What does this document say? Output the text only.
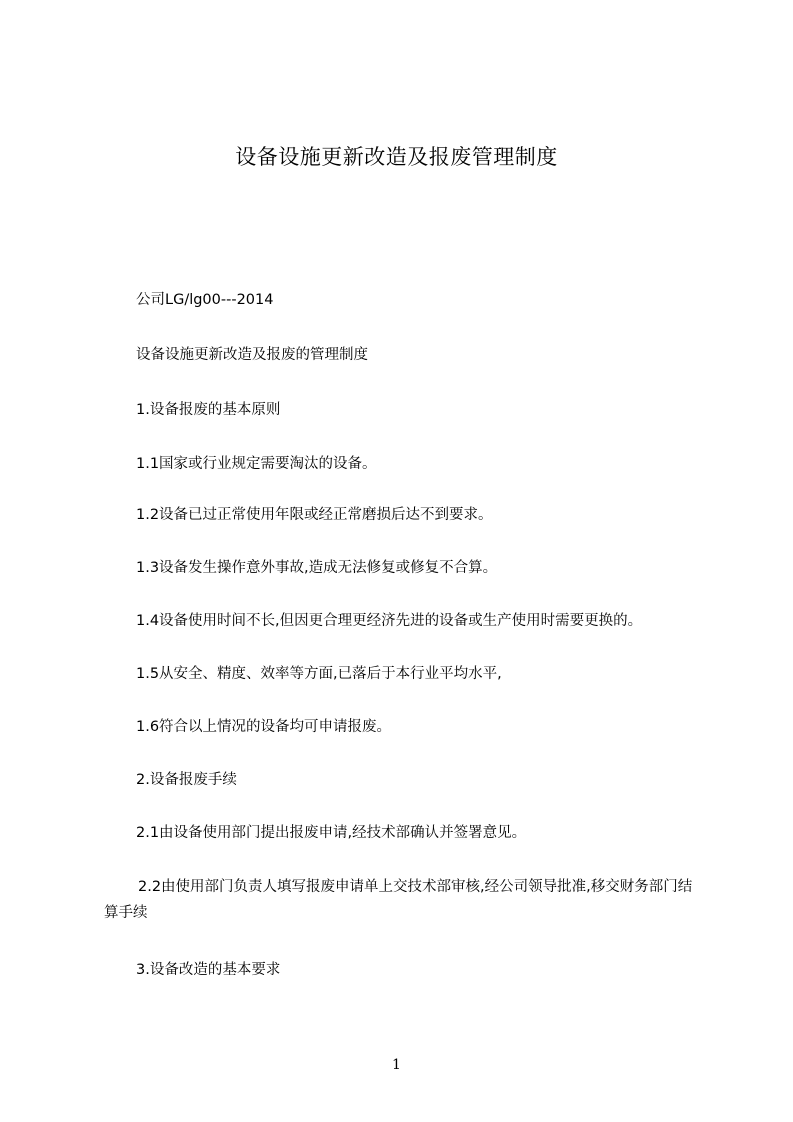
设备设施更新改造及报废管理制度
公司LG/lg00---2014
设备设施更新改造及报废的管理制度
1.设备报废的基本原则
1.1国家或行业规定需要淘汰的设备。
1.2设备已过正常使用年限或经正常磨损后达不到要求。
1.3设备发生操作意外事故,造成无法修复或修复不合算。
1.4设备使用时间不长,但因更合理更经济先进的设备或生产使用时需要更换的。
1.5从安全、精度、效率等方面,已落后于本行业平均水平,
1.6符合以上情况的设备均可申请报废。
2.设备报废手续
2.1由设备使用部门提出报废申请,经技术部确认并签署意见。
2.2由使用部门负责人填写报废申请单上交技术部审核,经公司领导批准,移交财务部门结算手续
3.设备改造的基本要求
1
